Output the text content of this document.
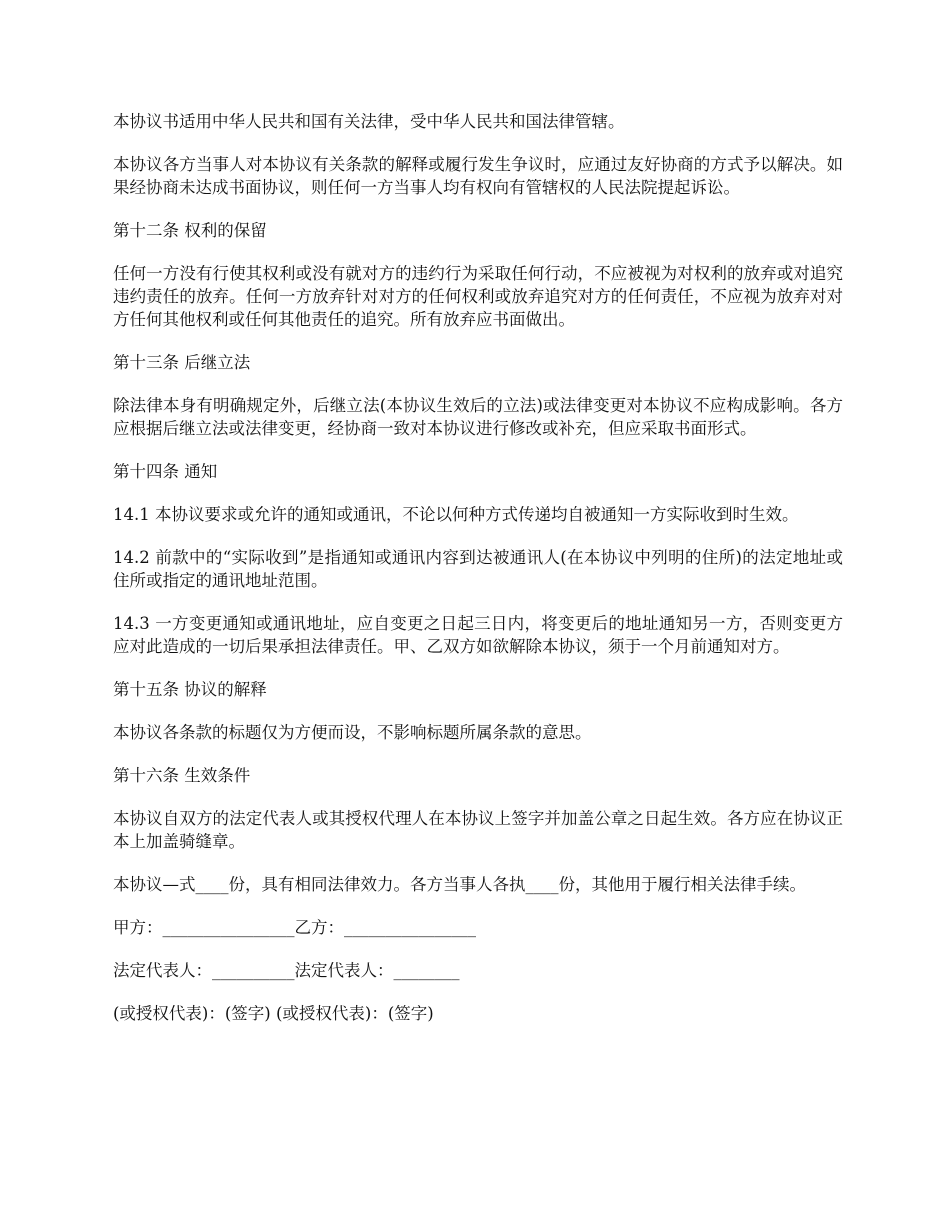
本协议书适用中华人民共和国有关法律，受中华人民共和国法律管辖。

本协议各方当事人对本协议有关条款的解释或履行发生争议时，应通过友好协商的方式予以解决。如果经协商未达成书面协议，则任何一方当事人均有权向有管辖权的人民法院提起诉讼。

第十二条 权利的保留

任何一方没有行使其权利或没有就对方的违约行为采取任何行动，不应被视为对权利的放弃或对追究违约责任的放弃。任何一方放弃针对对方的任何权利或放弃追究对方的任何责任，不应视为放弃对对方任何其他权利或任何其他责任的追究。所有放弃应书面做出。

第十三条 后继立法

除法律本身有明确规定外，后继立法(本协议生效后的立法)或法律变更对本协议不应构成影响。各方应根据后继立法或法律变更，经协商一致对本协议进行修改或补充，但应采取书面形式。

第十四条 通知

14.1 本协议要求或允许的通知或通讯，不论以何种方式传递均自被通知一方实际收到时生效。

14.2 前款中的“实际收到”是指通知或通讯内容到达被通讯人(在本协议中列明的住所)的法定地址或住所或指定的通讯地址范围。

14.3 一方变更通知或通讯地址，应自变更之日起三日内，将变更后的地址通知另一方，否则变更方应对此造成的一切后果承担法律责任。甲、乙双方如欲解除本协议，须于一个月前通知对方。

第十五条 协议的解释

本协议各条款的标题仅为方便而设，不影响标题所属条款的意思。

第十六条 生效条件

本协议自双方的法定代表人或其授权代理人在本协议上签字并加盖公章之日起生效。各方应在协议正本上加盖骑缝章。

本协议—式____份，具有相同法律效力。各方当事人各执____份，其他用于履行相关法律手续。

甲方：________________乙方：________________

法定代表人：__________法定代表人：________

(或授权代表)：(签字) (或授权代表)：(签字)
